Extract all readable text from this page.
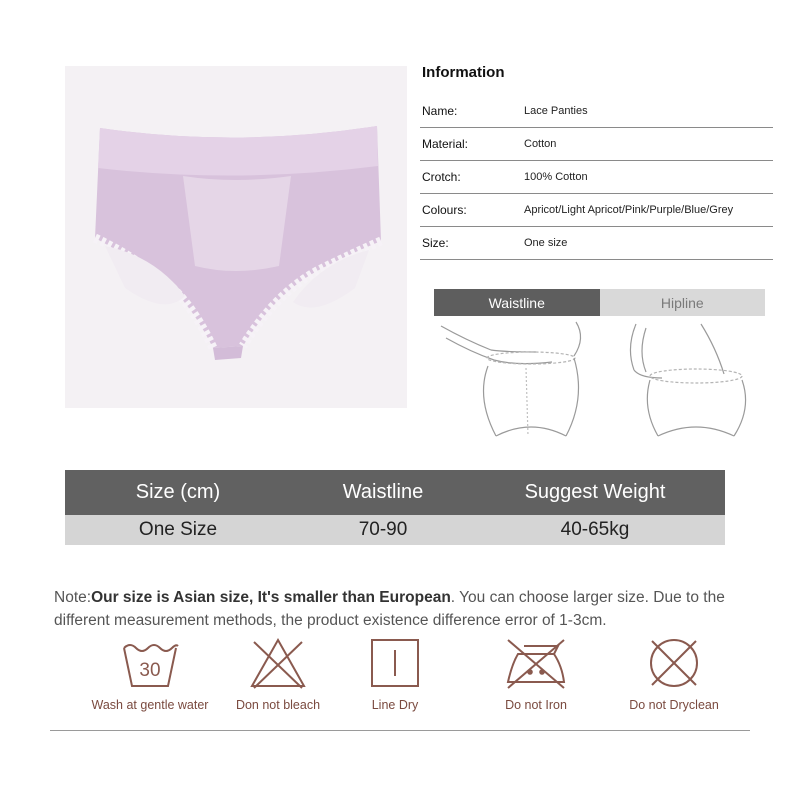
Information
Name:	Lace Panties
Material:	Cotton
Crotch:	100% Cotton
Colours:	Apricot/Light Apricot/Pink/Purple/Blue/Grey
Size:	One size
Waistline	Hipline
Size (cm)	Waistline	Suggest Weight
One Size	70-90	40-65kg
Note:Our size is Asian size, It's smaller than European. You can choose larger size. Due to the different measurement methods, the product existence difference error of 1-3cm.
30
Wash at gentle water	Don not bleach	Line Dry	Do not Iron	Do not Dryclean
